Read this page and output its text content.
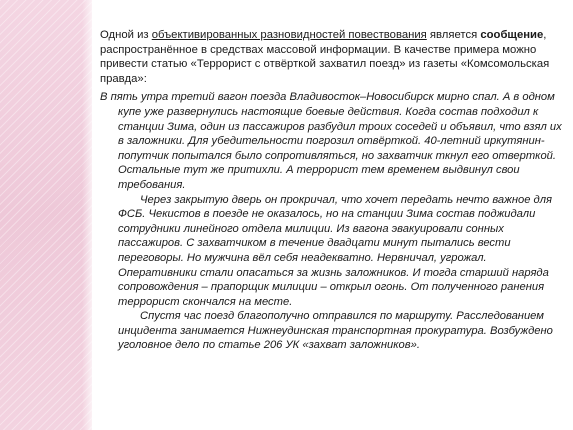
Одной из объективированных разновидностей повествования является сообщение, распространённое в средствах массовой информации. В качестве примера можно привести статью «Террорист с отвёрткой захватил поезд» из газеты «Комсомольская правда»:

В пять утра третий вагон поезда Владивосток–Новосибирск мирно спал. А в одном купе уже развернулись настоящие боевые действия. Когда состав подходил к станции Зима, один из пассажиров разбудил троих соседей и объявил, что взял их в заложники. Для убедительности погрозил отвёрткой. 40-летний иркутянин-попутчик попытался было сопротивляться, но захватчик ткнул его отверткой. Остальные тут же притихли. А террорист тем временем выдвинул свои требования.

Через закрытую дверь он прокричал, что хочет передать нечто важное для ФСБ. Чекистов в поезде не оказалось, но на станции Зима состав поджидали сотрудники линейного отдела милиции. Из вагона эвакуировали сонных пассажиров. С захватчиком в течение двадцати минут пытались вести переговоры. Но мужчина вёл себя неадекватно. Нервничал, угрожал. Оперативники стали опасаться за жизнь заложников. И тогда старший наряда сопровождения – прапорщик милиции – открыл огонь. От полученного ранения террорист скончался на месте.

Спустя час поезд благополучно отправился по маршруту. Расследованием инцидента занимается Нижнеудинская транспортная прокуратура. Возбуждено уголовное дело по статье 206 УК «захват заложников».
